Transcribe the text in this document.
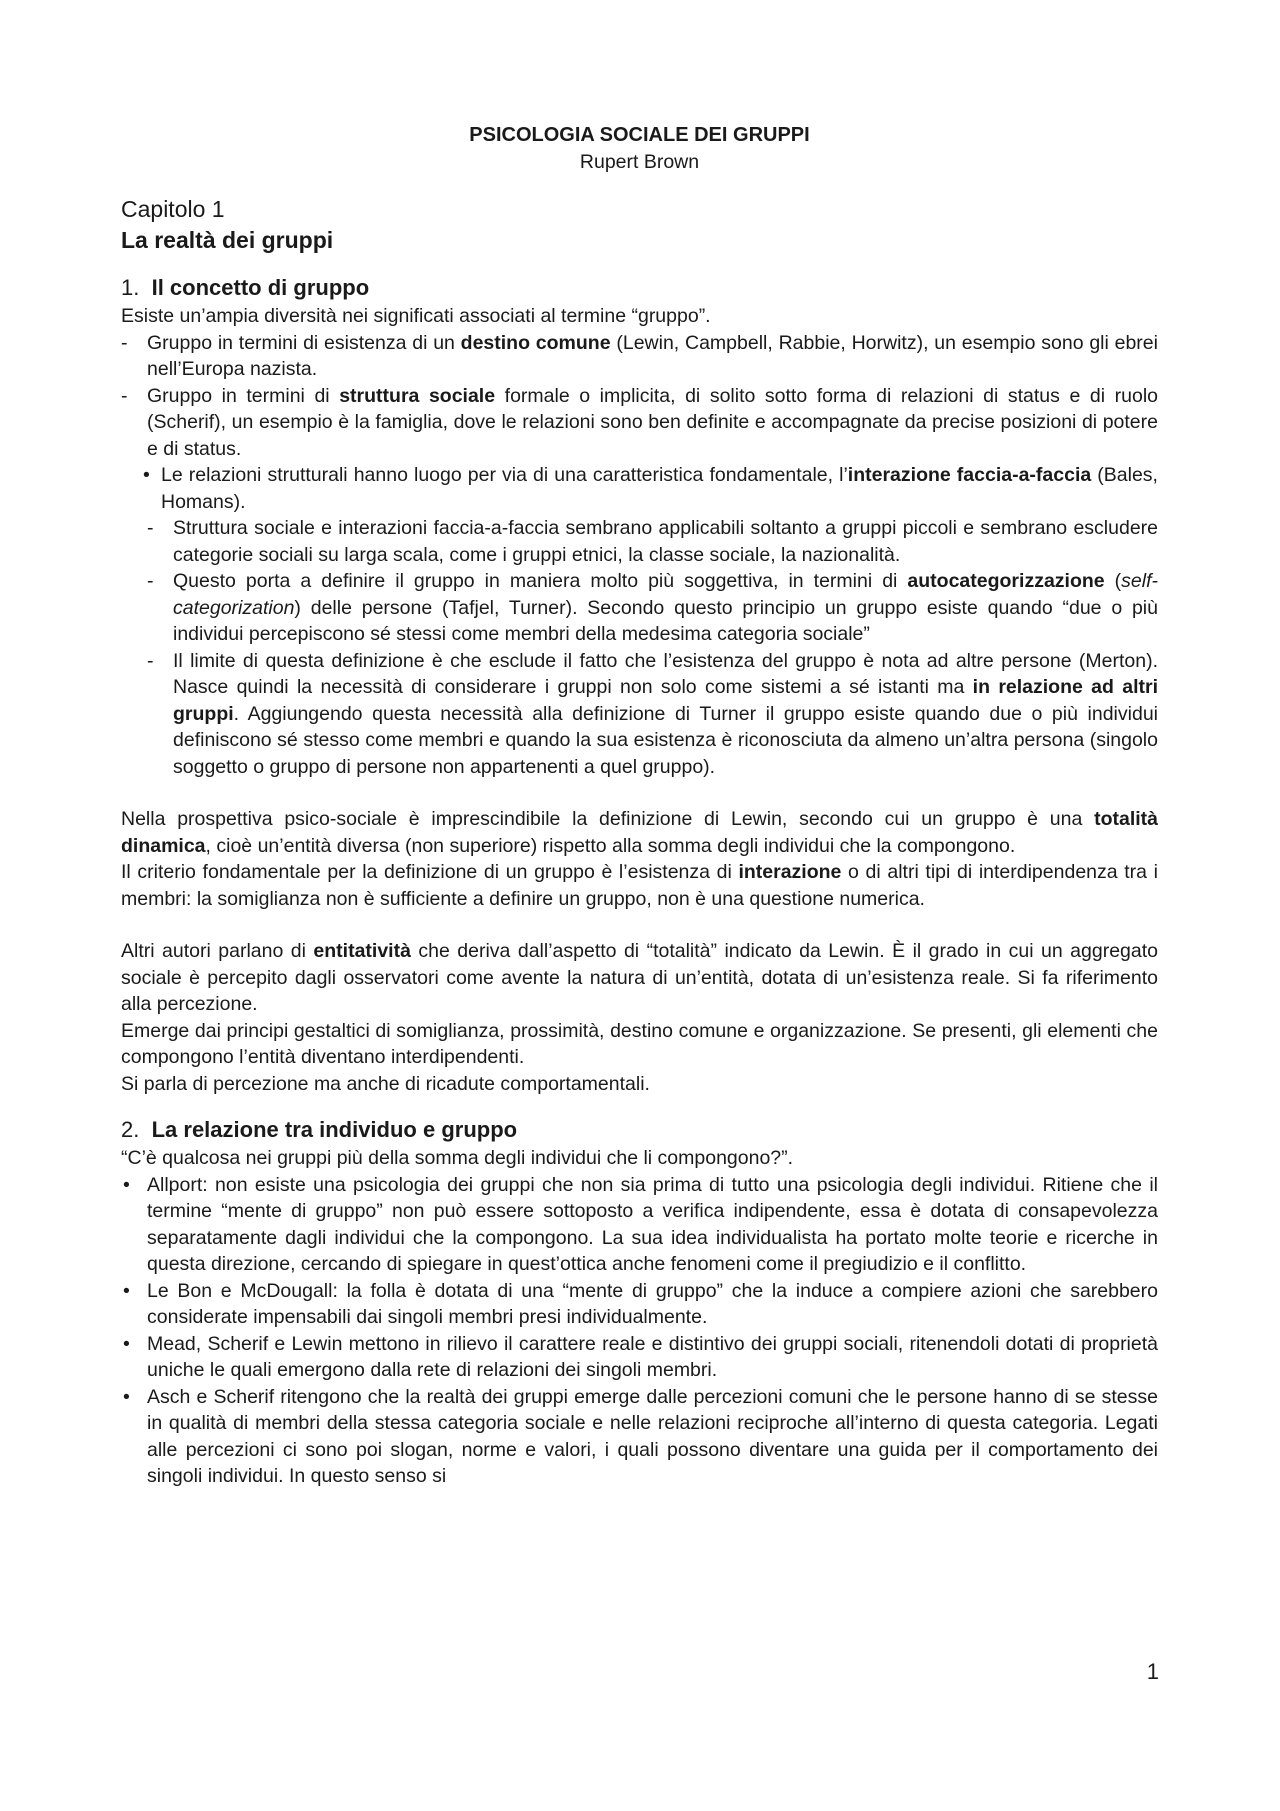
PSICOLOGIA SOCIALE DEI GRUPPI

Rupert Brown

Capitolo 1

La realtà dei gruppi

1. Il concetto di gruppo

Esiste un’ampia diversità nei significati associati al termine “gruppo”.

-	Gruppo in termini di esistenza di un destino comune (Lewin, Campbell, Rabbie, Horwitz), un esempio sono gli ebrei nell’Europa nazista.
-	Gruppo in termini di struttura sociale formale o implicita, di solito sotto forma di relazioni di status e di ruolo (Scherif), un esempio è la famiglia, dove le relazioni sono ben definite e accompagnate da precise posizioni di potere e di status.
• Le relazioni strutturali hanno luogo per via di una caratteristica fondamentale, l’interazione faccia-a-faccia (Bales, Homans).
-	Struttura sociale e interazioni faccia-a-faccia sembrano applicabili soltanto a gruppi piccoli e sembrano escludere categorie sociali su larga scala, come i gruppi etnici, la classe sociale, la nazionalità.
-	Questo porta a definire il gruppo in maniera molto più soggettiva, in termini di autocategorizzazione (self-categorization) delle persone (Tafjel, Turner). Secondo questo principio un gruppo esiste quando “due o più individui percepiscono sé stessi come membri della medesima categoria sociale”
-	Il limite di questa definizione è che esclude il fatto che l’esistenza del gruppo è nota ad altre persone (Merton). Nasce quindi la necessità di considerare i gruppi non solo come sistemi a sé istanti ma in relazione ad altri gruppi. Aggiungendo questa necessità alla definizione di Turner il gruppo esiste quando due o più individui definiscono sé stesso come membri e quando la sua esistenza è riconosciuta da almeno un’altra persona (singolo soggetto o gruppo di persone non appartenenti a quel gruppo).

Nella prospettiva psico-sociale è imprescindibile la definizione di Lewin, secondo cui un gruppo è una totalità dinamica, cioè un’entità diversa (non superiore) rispetto alla somma degli individui che la compongono.

Il criterio fondamentale per la definizione di un gruppo è l’esistenza di interazione o di altri tipi di interdipendenza tra i membri: la somiglianza non è sufficiente a definire un gruppo, non è una questione numerica.

Altri autori parlano di entitatività che deriva dall’aspetto di “totalità” indicato da Lewin. È il grado in cui un aggregato sociale è percepito dagli osservatori come avente la natura di un’entità, dotata di un’esistenza reale. Si fa riferimento alla percezione.

Emerge dai principi gestaltici di somiglianza, prossimità, destino comune e organizzazione. Se presenti, gli elementi che compongono l’entità diventano interdipendenti.

Si parla di percezione ma anche di ricadute comportamentali.

2. La relazione tra individuo e gruppo

“C’è qualcosa nei gruppi più della somma degli individui che li compongono?”.

• Allport: non esiste una psicologia dei gruppi che non sia prima di tutto una psicologia degli individui. Ritiene che il termine “mente di gruppo” non può essere sottoposto a verifica indipendente, essa è dotata di consapevolezza separatamente dagli individui che la compongono. La sua idea individualista ha portato molte teorie e ricerche in questa direzione, cercando di spiegare in quest’ottica anche fenomeni come il pregiudizio e il conflitto.
• Le Bon e McDougall: la folla è dotata di una “mente di gruppo” che la induce a compiere azioni che sarebbero considerate impensabili dai singoli membri presi individualmente.
• Mead, Scherif e Lewin mettono in rilievo il carattere reale e distintivo dei gruppi sociali, ritenendoli dotati di proprietà uniche le quali emergono dalla rete di relazioni dei singoli membri.
• Asch e Scherif ritengono che la realtà dei gruppi emerge dalle percezioni comuni che le persone hanno di se stesse in qualità di membri della stessa categoria sociale e nelle relazioni reciproche all’interno di questa categoria. Legati alle percezioni ci sono poi slogan, norme e valori, i quali possono diventare una guida per il comportamento dei singoli individui. In questo senso si
1
